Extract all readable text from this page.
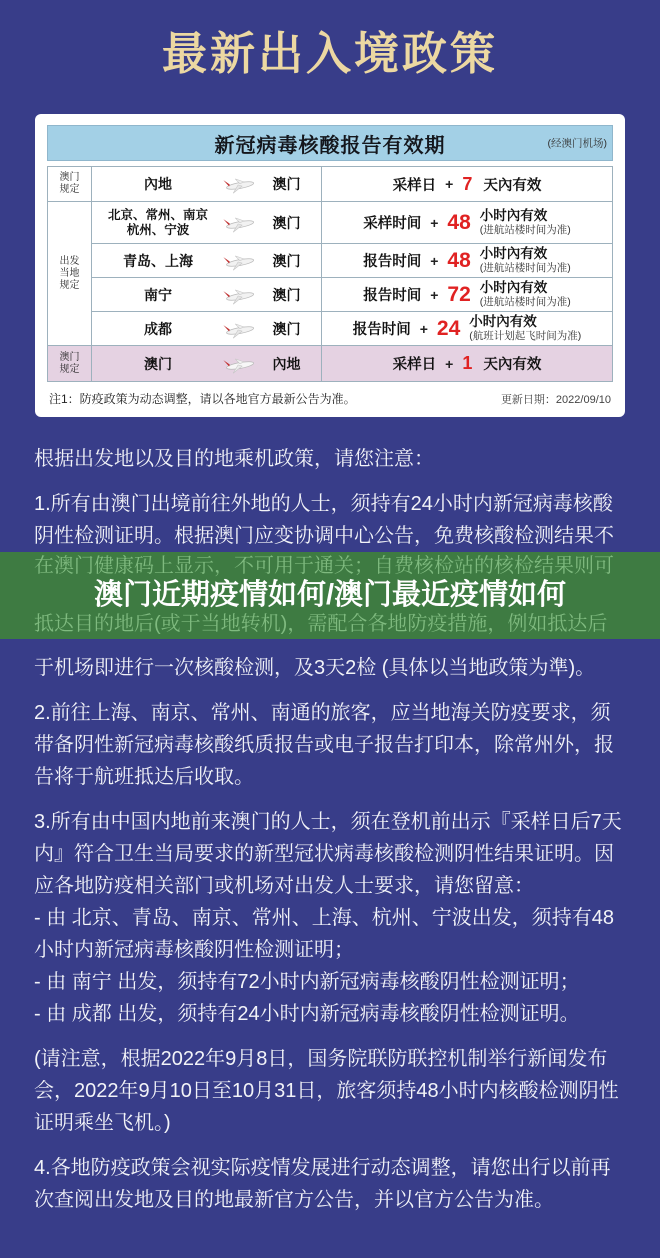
最新出入境政策
新冠病毒核酸报告有效期	(经澳门机场)
澳门
规定	內地	澳门	采样日 + 7 天內有效
出发
当地
规定
北京、常州、南京
杭州、宁波	澳门	采样时间 + 48 小时內有效
(进航站楼时间为准)
青岛、上海	澳门	报告时间 + 48 小时內有效
(进航站楼时间为准)
南宁	澳门	报告时间 + 72 小时內有效
(进航站楼时间为准)
成都	澳门	报告时间 + 24 小时內有效
(航班计划起飞时间为准)
澳门
规定	澳门	內地	采样日 + 1 天內有效
注1：防疫政策为动态调整，请以各地官方最新公告为准。	更新日期：2022/09/10
根据出发地以及目的地乘机政策，请您注意：
1.所有由澳门出境前往外地的人士，须持有24小时内新冠病毒核酸阴性检测证明。根据澳门应变协调中心公告，免费核酸检测结果不
在澳门健康码上显示，不可用于通关；自费核检站的核检结果则可
澳门近期疫情如何/澳门最近疫情如何
抵达目的地后(或于当地转机)，需配合各地防疫措施，例如抵达后
于机场即进行一次核酸检测，及3天2检 (具体以当地政策为準)。
2.前往上海、南京、常州、南通的旅客，应当地海关防疫要求，须带备阴性新冠病毒核酸纸质报告或电子报告打印本，除常州外，报告将于航班抵达后收取。
3.所有由中国内地前来澳门的人士，须在登机前出示『采样日后7天内』符合卫生当局要求的新型冠状病毒核酸检测阴性结果证明。因应各地防疫相关部门或机场对出发人士要求，请您留意：
- 由 北京、青岛、南京、常州、上海、杭州、宁波出发，须持有48小时内新冠病毒核酸阴性检测证明；
- 由 南宁 出发，须持有72小时内新冠病毒核酸阴性检测证明；
- 由 成都 出发，须持有24小时内新冠病毒核酸阴性检测证明。
(请注意，根据2022年9月8日，国务院联防联控机制举行新闻发布会，2022年9月10日至10月31日，旅客须持48小时内核酸检测阴性证明乘坐飞机。)
4.各地防疫政策会视实际疫情发展进行动态调整，请您出行以前再次查阅出发地及目的地最新官方公告，并以官方公告为准。
